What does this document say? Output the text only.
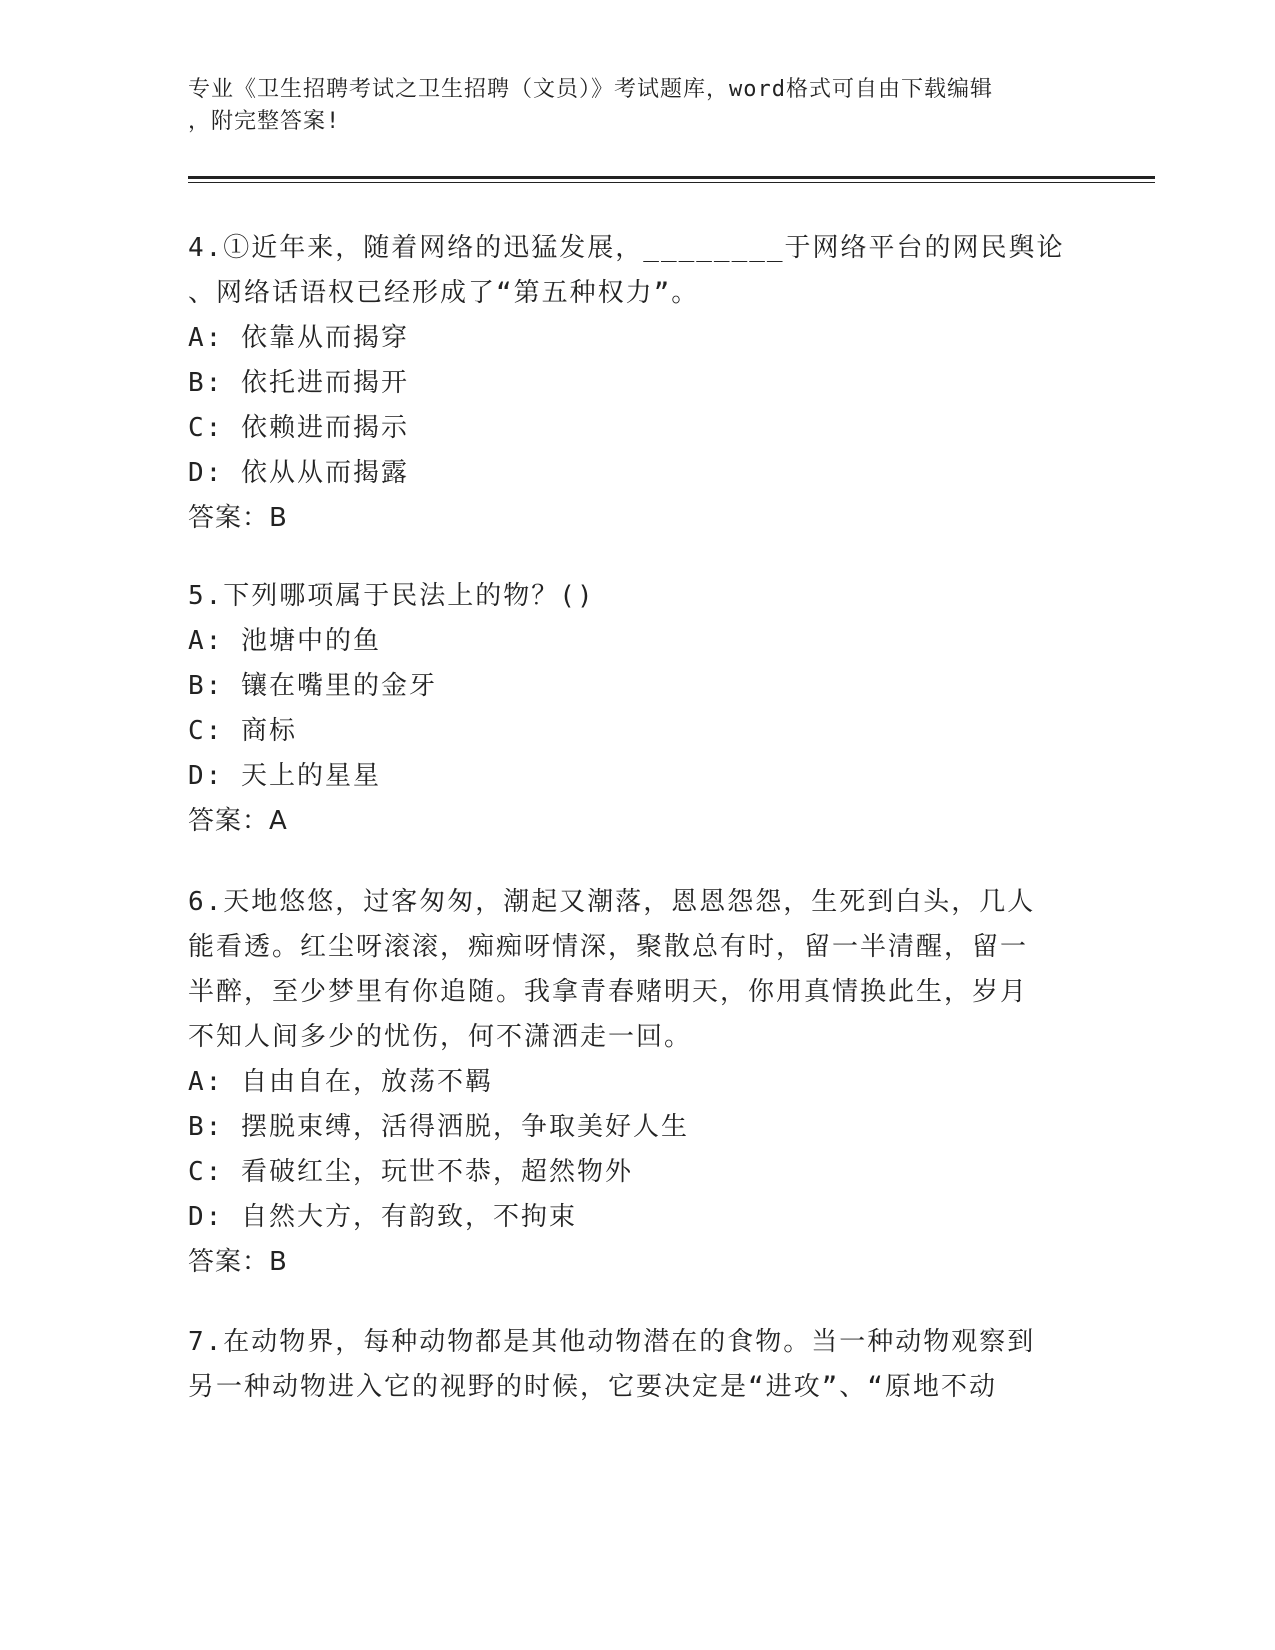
专业《卫生招聘考试之卫生招聘（文员）》考试题库，word格式可自由下载编辑
，附完整答案!

4.①近年来，随着网络的迅猛发展，________于网络平台的网民舆论

、网络话语权已经形成了“第五种权力”。

A: 依靠从而揭穿

B: 依托进而揭开

C: 依赖进而揭示

D: 依从从而揭露

答案：B

5.下列哪项属于民法上的物？()

A: 池塘中的鱼

B: 镶在嘴里的金牙

C: 商标

D: 天上的星星

答案：A

6.天地悠悠，过客匆匆，潮起又潮落，恩恩怨怨，生死到白头，几人

能看透。红尘呀滚滚，痴痴呀情深，聚散总有时，留一半清醒，留一

半醉，至少梦里有你追随。我拿青春赌明天，你用真情换此生，岁月

不知人间多少的忧伤，何不潇洒走一回。

A: 自由自在，放荡不羁

B: 摆脱束缚，活得洒脱，争取美好人生

C: 看破红尘，玩世不恭，超然物外

D: 自然大方，有韵致，不拘束

答案：B

7.在动物界，每种动物都是其他动物潜在的食物。当一种动物观察到

另一种动物进入它的视野的时候，它要决定是“进攻”、“原地不动
